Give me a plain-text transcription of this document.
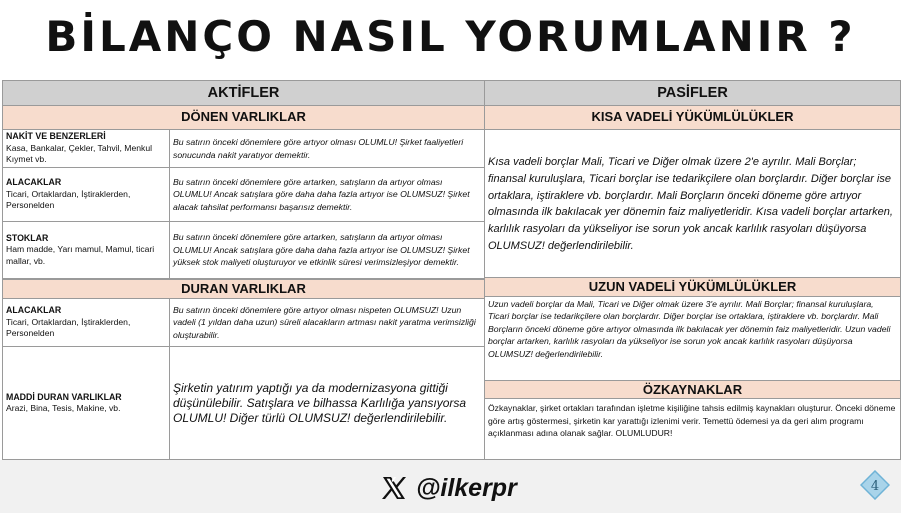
BİLANÇO NASIL YORUMLANIR ?
AKTİFLER
DÖNEN VARLIKLAR
NAKİT VE BENZERLERİ
Kasa, Bankalar, Çekler, Tahvil, Menkul Kıymet vb.
Bu satırın önceki dönemlere göre artıyor olması OLUMLU! Şirket faaliyetleri sonucunda nakit yaratıyor demektir.
ALACAKLAR
Ticari, Ortaklardan, İştiraklerden, Personelden
Bu satırın önceki dönemlere göre artarken, satışların da artıyor olması OLUMLU! Ancak satışlara göre daha daha fazla artıyor ise OLUMSUZ! Şirket alacak tahsilat performansı başarısız demektir.
STOKLAR
Ham madde, Yarı mamul, Mamul, ticari mallar, vb.
Bu satırın önceki dönemlere göre artarken, satışların da artıyor olması OLUMLU! Ancak satışlara göre daha daha fazla artıyor ise OLUMSUZ! Şirket yüksek stok maliyeti oluşturuyor ve etkinlik süresi verimsizleşiyor demektir.
DURAN VARLIKLAR
ALACAKLAR
Ticari, Ortaklardan, İştiraklerden, Personelden
Bu satırın önceki dönemlere göre artıyor olması nispeten OLUMSUZ! Uzun vadeli (1 yıldan daha uzun) süreli alacakların artması nakit yaratma verimsizliği oluşturabilir.
MADDİ DURAN VARLIKLAR
Arazi, Bina, Tesis, Makine, vb.
Şirketin yatırım yaptığı ya da modernizasyona gittiği düşünülebilir. Satışlara ve bilhassa Karlılığa yansıyorsa OLUMLU! Diğer türlü OLUMSUZ! değerlendirilebilir.
PASİFLER
KISA VADELİ YÜKÜMLÜLÜKLER
Kısa vadeli borçlar Mali, Ticari ve Diğer olmak üzere 2'e ayrılır. Mali Borçlar; finansal kuruluşlara, Ticari borçlar ise tedarikçilere olan borçlardır. Diğer borçlar ise ortaklara, iştiraklere vb. borçlardır. Mali Borçların önceki döneme göre artıyor olmasında ilk bakılacak yer dönemin faiz maliyetleridir. Kısa vadeli borçlar artarken, karlılık rasyoları da yükseliyor ise sorun yok ancak karlılık rasyoları düşüyorsa OLUMSUZ! değerlendirilebilir.
UZUN VADELİ YÜKÜMLÜLÜKLER
Uzun vadeli borçlar da Mali, Ticari ve Diğer olmak üzere 3'e ayrılır. Mali Borçlar; finansal kuruluşlara, Ticari borçlar ise tedarikçilere olan borçlardır. Diğer borçlar ise ortaklara, iştiraklere vb. borçlardır. Mali Borçların önceki döneme göre artıyor olmasında ilk bakılacak yer dönemin faiz maliyetleridir. Uzun vadeli borçlar artarken, karlılık rasyoları da yükseliyor ise sorun yok ancak karlılık rasyoları düşüyorsa OLUMSUZ! değerlendirilebilir.
ÖZKAYNAKLAR
Özkaynaklar, şirket ortakları tarafından işletme kişiliğine tahsis edilmiş kaynakları oluşturur. Önceki döneme göre artış göstermesi, şirketin kar yarattığı izlenimi verir. Temettü ödemesi ya da geri alım programı açıklanması adına olanak sağlar. OLUMLUDUR!
@ilkerpr	4
